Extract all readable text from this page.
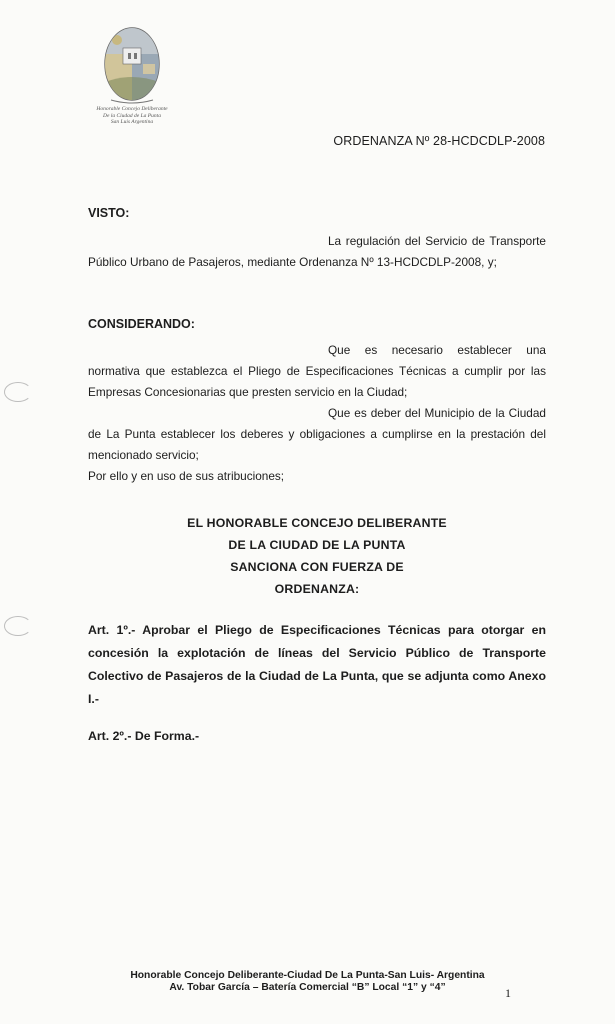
Honorable Concejo Deliberante
De la Ciudad de La Punta
San Luis Argentina
ORDENANZA Nº 28-HCDCDLP-2008
VISTO:
La regulación del Servicio de Transporte Público Urbano de Pasajeros, mediante Ordenanza Nº 13-HCDCDLP-2008, y;
CONSIDERANDO:
Que es necesario establecer una normativa que establezca el Pliego de Especificaciones Técnicas a cumplir por las Empresas Concesionarias que presten servicio en la Ciudad;
Que es deber del Municipio de la Ciudad de La Punta establecer los deberes y obligaciones a cumplirse en la prestación del mencionado servicio;
Por ello y en uso de sus atribuciones;
EL HONORABLE CONCEJO DELIBERANTE
DE LA CIUDAD DE LA PUNTA
SANCIONA CON FUERZA DE
ORDENANZA:
Art. 1º.- Aprobar el Pliego de Especificaciones Técnicas para otorgar en concesión la explotación de líneas del Servicio Público de Transporte Colectivo de Pasajeros de la Ciudad de La Punta, que se adjunta como Anexo I.-
Art. 2º.- De Forma.-
Honorable Concejo Deliberante-Ciudad De La Punta-San Luis- Argentina
Av. Tobar García – Batería Comercial “B” Local “1” y “4”	1
